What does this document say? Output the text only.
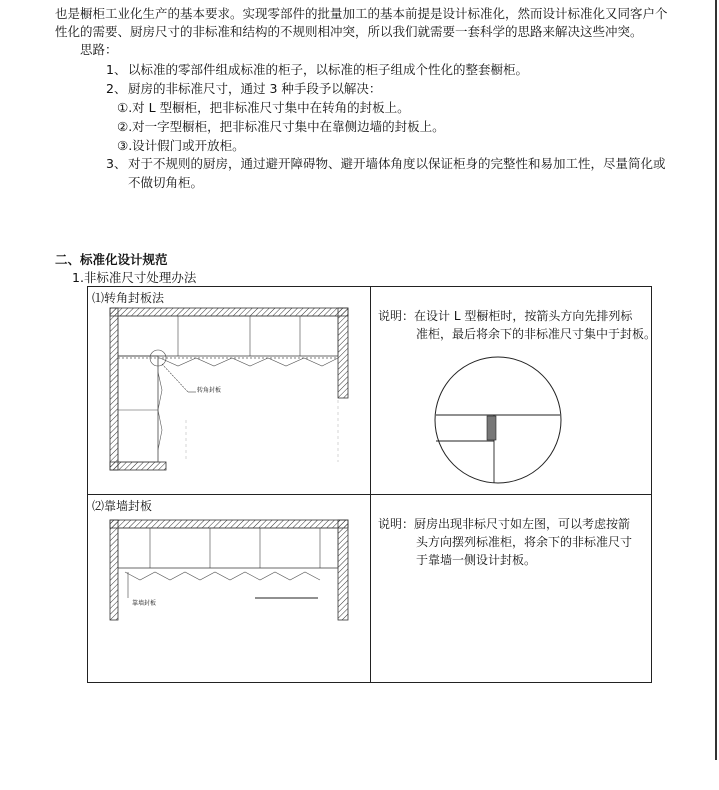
也是橱柜工业化生产的基本要求。实现零部件的批量加工的基本前提是设计标准化，然而设计标准化又同客户个
性化的需要、厨房尺寸的非标准和结构的不规则相冲突，所以我们就需要一套科学的思路来解决这些冲突。
思路：
1、 以标准的零部件组成标准的柜子，以标准的柜子组成个性化的整套橱柜。
2、 厨房的非标准尺寸，通过 3 种手段予以解决：
①.对 L 型橱柜，把非标准尺寸集中在转角的封板上。
②.对一字型橱柜，把非标准尺寸集中在靠侧边墙的封板上。
③.设计假门或开放柜。
3、 对于不规则的厨房，通过避开障碍物、避开墙体角度以保证柜身的完整性和易加工性，尽量简化或
不做切角柜。
二、标准化设计规范
1.非标准尺寸处理办法
⑴转角封板法
⑵靠墙封板
说明：在设计 L 型橱柜时，按箭头方向先排列标
准柜，最后将余下的非标准尺寸集中于封板。
说明：厨房出现非标尺寸如左图，可以考虑按箭
头方向摆列标准柜，将余下的非标准尺寸
于靠墙一侧设计封板。
转角封板
靠墙封板
